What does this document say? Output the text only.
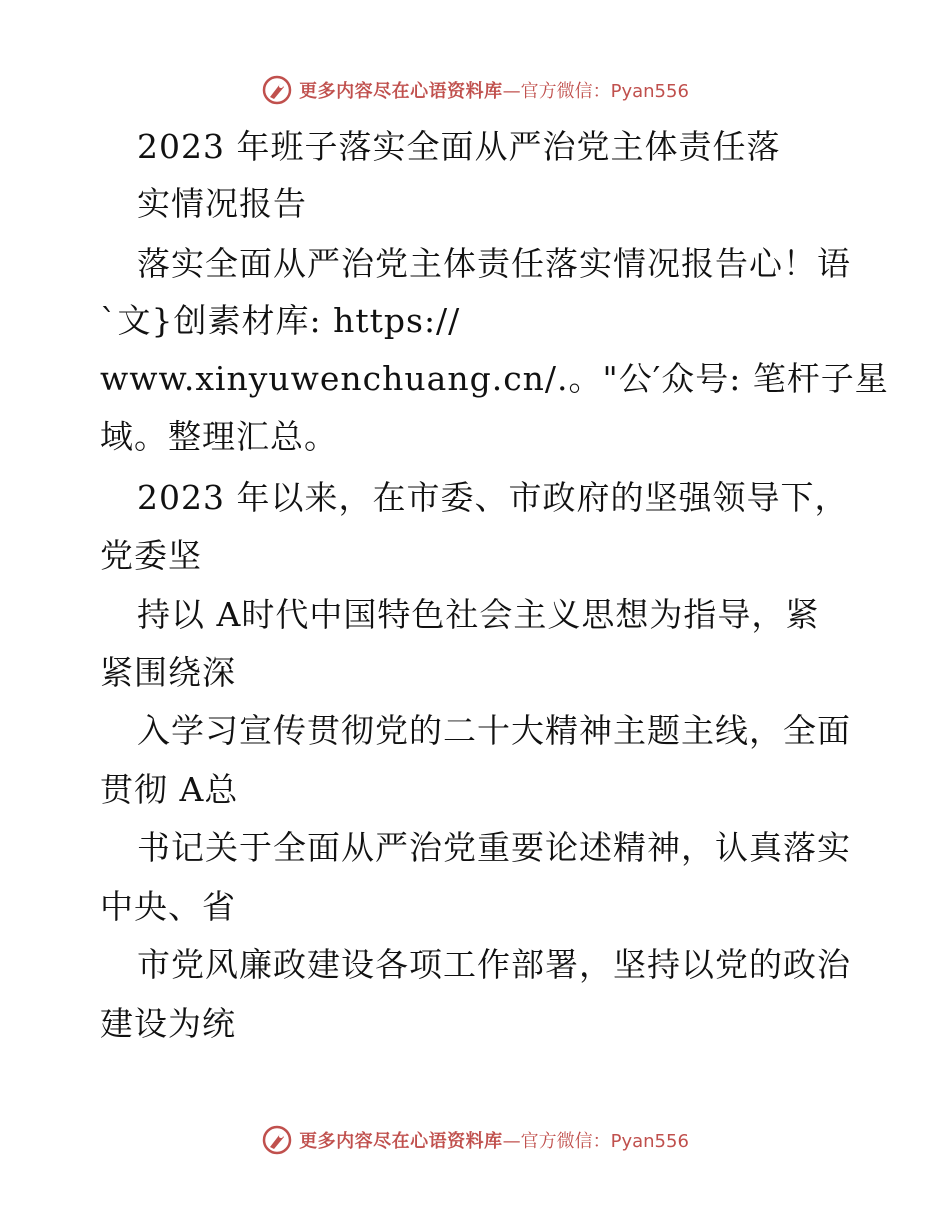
更多内容尽在心语资料库 —官方微信：Pyan556
2023 年班子落实全面从严治党主体责任落
实情况报告
落实全面从严治党主体责任落实情况报告心！语
`文}创素材库: https://
www.xinyuwenchuang.cn/.。"公′众号: 笔杆子星
域。整理汇总。
2023 年以来，在市委、市政府的坚强领导下，
党委坚
持以 A时代中国特色社会主义思想为指导，紧
紧围绕深
入学习宣传贯彻党的二十大精神主题主线，全面
贯彻 A总
书记关于全面从严治党重要论述精神，认真落实
中央、省
市党风廉政建设各项工作部署，坚持以党的政治
建设为统
更多内容尽在心语资料库 —官方微信：Pyan556
